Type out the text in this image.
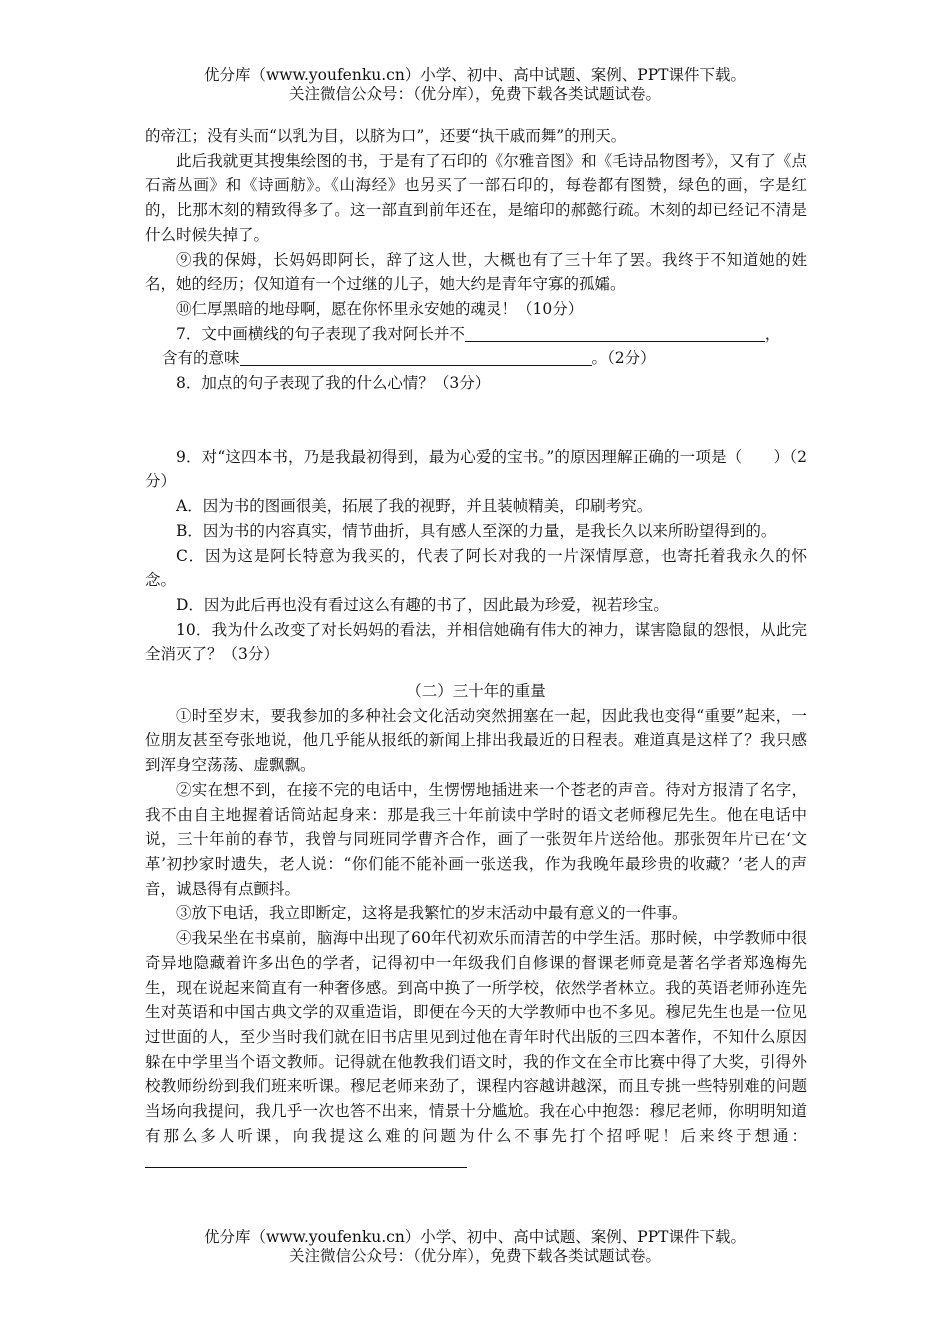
优分库（www.youfenku.cn）小学、初中、高中试题、案例、PPT课件下载。
关注微信公众号：（优分库），免费下载各类试题试卷。

的帝江；没有头而“以乳为目，以脐为口”，还要“执干戚而舞”的刑天。

此后我就更其搜集绘图的书，于是有了石印的《尔雅音图》和《毛诗品物图考》，又有了《点石斋丛画》和《诗画舫》。《山海经》也另买了一部石印的，每卷都有图赞，绿色的画，字是红的，比那木刻的精致得多了。这一部直到前年还在，是缩印的郝懿行疏。木刻的却已经记不清是什么时候失掉了。

⑨我的保姆，长妈妈即阿长，辞了这人世，大概也有了三十年了罢。我终于不知道她的姓名，她的经历；仅知道有一个过继的儿子，她大约是青年守寡的孤孀。

⑩仁厚黑暗的地母啊，愿在你怀里永安她的魂灵！（10分）

7．文中画横线的句子表现了我对阿长并不	，

含有的意味	。（2分）

8．加点的句子表现了我的什么心情？（3分）

9．对“这四本书，乃是我最初得到，最为心爱的宝书。”的原因理解正确的一项是（　　）（2分）

A．因为书的图画很美，拓展了我的视野，并且装帧精美，印刷考究。

B．因为书的内容真实，情节曲折，具有感人至深的力量，是我长久以来所盼望得到的。

C．因为这是阿长特意为我买的，代表了阿长对我的一片深情厚意，也寄托着我永久的怀念。

D．因为此后再也没有看过这么有趣的书了，因此最为珍爱，视若珍宝。

10．我为什么改变了对长妈妈的看法，并相信她确有伟大的神力，谋害隐鼠的怨恨，从此完全消灭了？（3分）

（二）三十年的重量

①时至岁末，要我参加的多种社会文化活动突然拥塞在一起，因此我也变得“重要”起来，一位朋友甚至夸张地说，他几乎能从报纸的新闻上排出我最近的日程表。难道真是这样了？我只感到浑身空荡荡、虚飘飘。

②实在想不到，在接不完的电话中，生愣愣地插进来一个苍老的声音。待对方报清了名字，我不由自主地握着话筒站起身来：那是我三十年前读中学时的语文老师穆尼先生。他在电话中说，三十年前的春节，我曾与同班同学曹齐合作，画了一张贺年片送给他。那张贺年片已在‘文革’初抄家时遗失，老人说：“你们能不能补画一张送我，作为我晚年最珍贵的收藏？’老人的声音，诚恳得有点颤抖。

③放下电话，我立即断定，这将是我繁忙的岁末活动中最有意义的一件事。

④我呆坐在书桌前，脑海中出现了60年代初欢乐而清苦的中学生活。那时候，中学教师中很奇异地隐藏着许多出色的学者，记得初中一年级我们自修课的督课老师竟是著名学者郑逸梅先生，现在说起来简直有一种奢侈感。到高中换了一所学校，依然学者林立。我的英语老师孙连先生对英语和中国古典文学的双重造诣，即便在今天的大学教师中也不多见。穆尼先生也是一位见过世面的人，至少当时我们就在旧书店里见到过他在青年时代出版的三四本著作，不知什么原因躲在中学里当个语文教师。记得就在他教我们语文时，我的作文在全市比赛中得了大奖，引得外校教师纷纷到我们班来听课。穆尼老师来劲了，课程内容越讲越深，而且专挑一些特别难的问题当场向我提问，我几乎一次也答不出来，情景十分尴尬。我在心中抱怨：穆尼老师，你明明知道有那么多人听课，向我提这么难的问题为什么不事先打个招呼呢！后来终于想通：

优分库（www.youfenku.cn）小学、初中、高中试题、案例、PPT课件下载。
关注微信公众号：（优分库），免费下载各类试题试卷。
